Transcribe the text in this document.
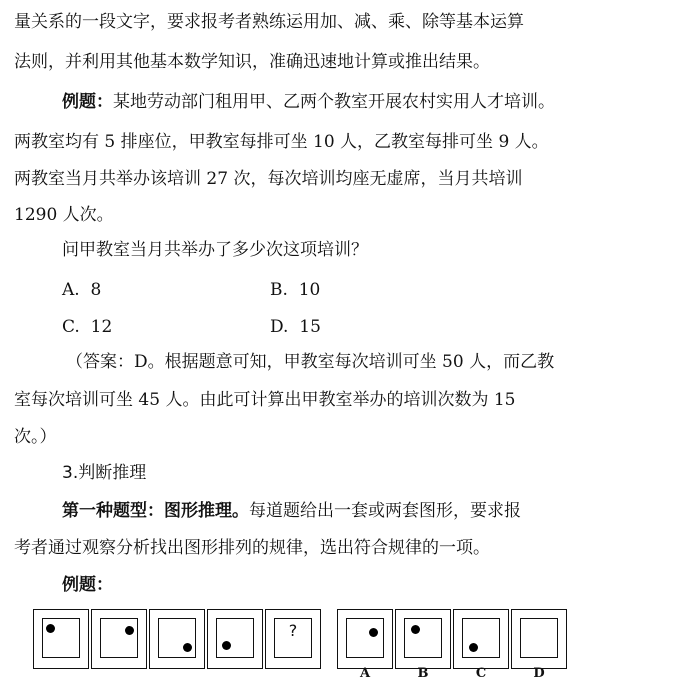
量关系的一段文字，要求报考者熟练运用加、减、乘、除等基本运算
法则，并利用其他基本数学知识，准确迅速地计算或推出结果。
例题：某地劳动部门租用甲、乙两个教室开展农村实用人才培训。
两教室均有 5 排座位，甲教室每排可坐 10 人，乙教室每排可坐 9 人。
两教室当月共举办该培训 27 次，每次培训均座无虚席，当月共培训
1290 人次。
问甲教室当月共举办了多少次这项培训？
A. 8	B. 10
C. 12	D. 15
（答案：D。根据题意可知，甲教室每次培训可坐 50 人，而乙教
室每次培训可坐 45 人。由此可计算出甲教室举办的培训次数为 15
次。）
3.判断推理
第一种题型：图形推理。每道题给出一套或两套图形，要求报
考者通过观察分析找出图形排列的规律，选出符合规律的一项。
例题：
?
A	B	C	D
